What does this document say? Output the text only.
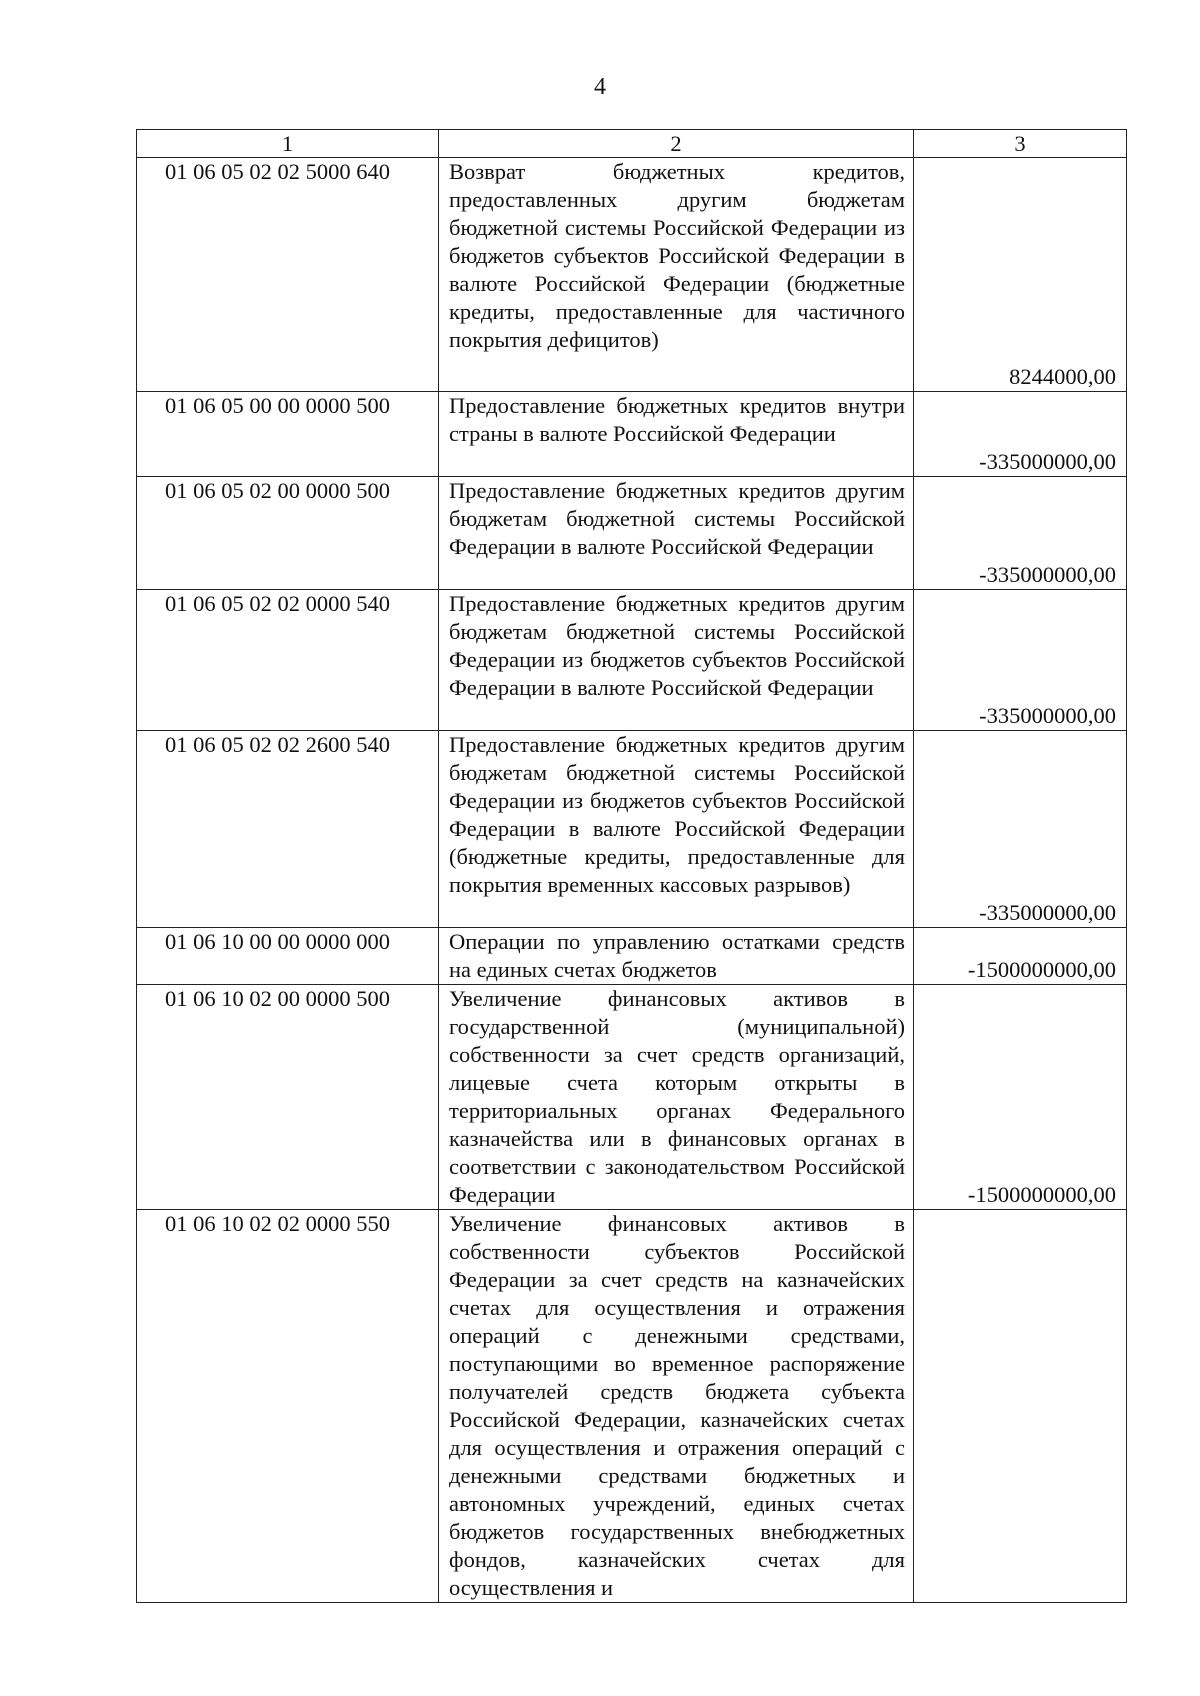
4
1	2	3
01 06 05 02 02 5000 640	Возврат бюджетных кредитов, предоставленных другим бюджетам бюджетной системы Российской Федерации из бюджетов субъектов Российской Федерации в валюте Российской Федерации (бюджетные кредиты, предоставленные для частичного покрытия дефицитов)	8244000,00
01 06 05 00 00 0000 500	Предоставление бюджетных кредитов внутри страны в валюте Российской Федерации	-335000000,00
01 06 05 02 00 0000 500	Предоставление бюджетных кредитов другим бюджетам бюджетной системы Российской Федерации в валюте Российской Федерации	-335000000,00
01 06 05 02 02 0000 540	Предоставление бюджетных кредитов другим бюджетам бюджетной системы Российской Федерации из бюджетов субъектов Российской Федерации в валюте Российской Федерации	-335000000,00
01 06 05 02 02 2600 540	Предоставление бюджетных кредитов другим бюджетам бюджетной системы Российской Федерации из бюджетов субъектов Российской Федерации в валюте Российской Федерации (бюджетные кредиты, предоставленные для покрытия временных кассовых разрывов)	-335000000,00
01 06 10 00 00 0000 000	Операции по управлению остатками средств на единых счетах бюджетов	-1500000000,00
01 06 10 02 00 0000 500	Увеличение финансовых активов в государственной (муниципальной) собственности за счет средств организаций, лицевые счета которым открыты в территориальных органах Федерального казначейства или в финансовых органах в соответствии с законодательством Российской Федерации	-1500000000,00
01 06 10 02 02 0000 550	Увеличение финансовых активов в собственности субъектов Российской Федерации за счет средств на казначейских счетах для осуществления и отражения операций с денежными средствами, поступающими во временное распоряжение получателей средств бюджета субъекта Российской Федерации, казначейских счетах для осуществления и отражения операций с денежными средствами бюджетных и автономных учреждений, единых счетах бюджетов государственных внебюджетных фондов, казначейских счетах для осуществления и	
